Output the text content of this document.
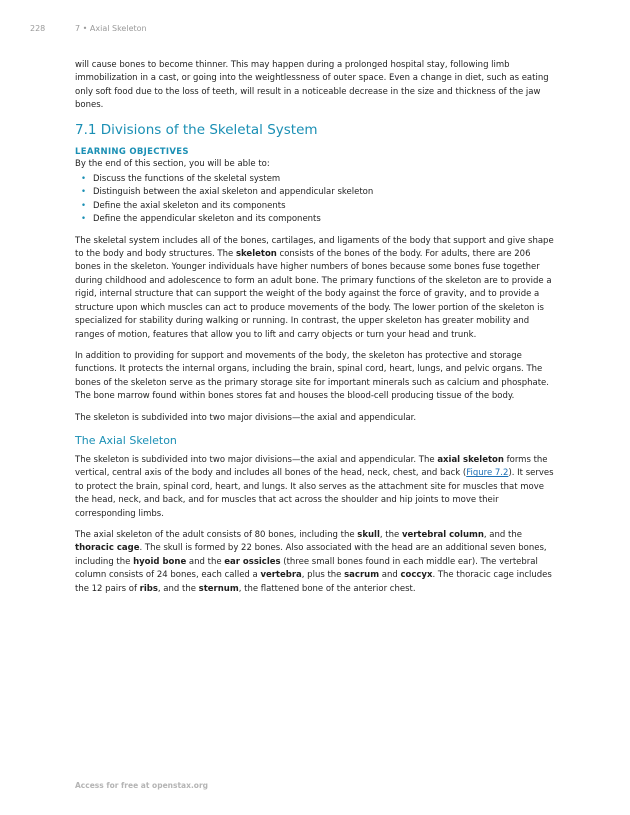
228	7 • Axial Skeleton

will cause bones to become thinner. This may happen during a prolonged hospital stay, following limb immobilization in a cast, or going into the weightlessness of outer space. Even a change in diet, such as eating only soft food due to the loss of teeth, will result in a noticeable decrease in the size and thickness of the jaw bones.

7.1 Divisions of the Skeletal System
LEARNING OBJECTIVES

By the end of this section, you will be able to:

• Discuss the functions of the skeletal system
• Distinguish between the axial skeleton and appendicular skeleton
• Define the axial skeleton and its components
• Define the appendicular skeleton and its components

The skeletal system includes all of the bones, cartilages, and ligaments of the body that support and give shape to the body and body structures. The skeleton consists of the bones of the body. For adults, there are 206 bones in the skeleton. Younger individuals have higher numbers of bones because some bones fuse together during childhood and adolescence to form an adult bone. The primary functions of the skeleton are to provide a rigid, internal structure that can support the weight of the body against the force of gravity, and to provide a structure upon which muscles can act to produce movements of the body. The lower portion of the skeleton is specialized for stability during walking or running. In contrast, the upper skeleton has greater mobility and ranges of motion, features that allow you to lift and carry objects or turn your head and trunk.

In addition to providing for support and movements of the body, the skeleton has protective and storage functions. It protects the internal organs, including the brain, spinal cord, heart, lungs, and pelvic organs. The bones of the skeleton serve as the primary storage site for important minerals such as calcium and phosphate. The bone marrow found within bones stores fat and houses the blood-cell producing tissue of the body.

The skeleton is subdivided into two major divisions—the axial and appendicular.

The Axial Skeleton

The skeleton is subdivided into two major divisions—the axial and appendicular. The axial skeleton forms the vertical, central axis of the body and includes all bones of the head, neck, chest, and back (Figure 7.2). It serves to protect the brain, spinal cord, heart, and lungs. It also serves as the attachment site for muscles that move the head, neck, and back, and for muscles that act across the shoulder and hip joints to move their corresponding limbs.

The axial skeleton of the adult consists of 80 bones, including the skull, the vertebral column, and the thoracic cage. The skull is formed by 22 bones. Also associated with the head are an additional seven bones, including the hyoid bone and the ear ossicles (three small bones found in each middle ear). The vertebral column consists of 24 bones, each called a vertebra, plus the sacrum and coccyx. The thoracic cage includes the 12 pairs of ribs, and the sternum, the flattened bone of the anterior chest.

Access for free at openstax.org
